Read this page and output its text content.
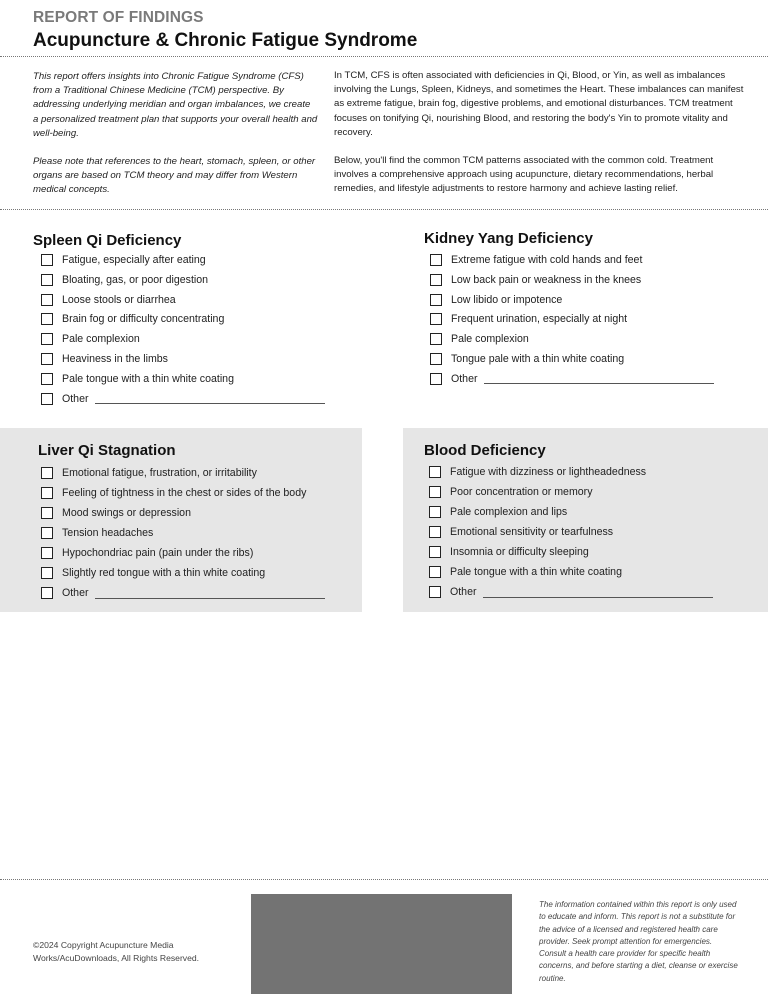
REPORT OF FINDINGS
Acupuncture & Chronic Fatigue Syndrome

This report offers insights into Chronic Fatigue Syndrome (CFS) from a Traditional Chinese Medicine (TCM) perspective. By addressing underlying meridian and organ imbalances, we create a personalized treatment plan that supports your overall health and well-being.

Please note that references to the heart, stomach, spleen, or other organs are based on TCM theory and may differ from Western medical concepts.

In TCM, CFS is often associated with deficiencies in Qi, Blood, or Yin, as well as imbalances involving the Lungs, Spleen, Kidneys, and sometimes the Heart. These imbalances can manifest as extreme fatigue, brain fog, digestive problems, and emotional disturbances. TCM treatment focuses on tonifying Qi, nourishing Blood, and restoring the body's Yin to promote vitality and recovery.

Below, you'll find the common TCM patterns associated with the common cold. Treatment involves a comprehensive approach using acupuncture, dietary recommendations, herbal remedies, and lifestyle adjustments to restore harmony and achieve lasting relief.

Spleen Qi Deficiency
Fatigue, especially after eating
Bloating, gas, or poor digestion
Loose stools or diarrhea
Brain fog or difficulty concentrating
Pale complexion
Heaviness in the limbs
Pale tongue with a thin white coating
Other
Kidney Yang Deficiency
Extreme fatigue with cold hands and feet
Low back pain or weakness in the knees
Low libido or impotence
Frequent urination, especially at night
Pale complexion
Tongue pale with a thin white coating
Other
Liver Qi Stagnation
Emotional fatigue, frustration, or irritability
Feeling of tightness in the chest or sides of the body
Mood swings or depression
Tension headaches
Hypochondriac pain (pain under the ribs)
Slightly red tongue with a thin white coating
Other
Blood Deficiency
Fatigue with dizziness or lightheadedness
Poor concentration or memory
Pale complexion and lips
Emotional sensitivity or tearfulness
Insomnia or difficulty sleeping
Pale tongue with a thin white coating
Other
©2024 Copyright Acupuncture Media Works/AcuDownloads, All Rights Reserved.
The information contained within this report is only used to educate and inform. This report is not a substitute for the advice of a licensed and registered health care provider. Seek prompt attention for emergencies. Consult a health care provider for specific health concerns, and before starting a diet, cleanse or exercise routine.
